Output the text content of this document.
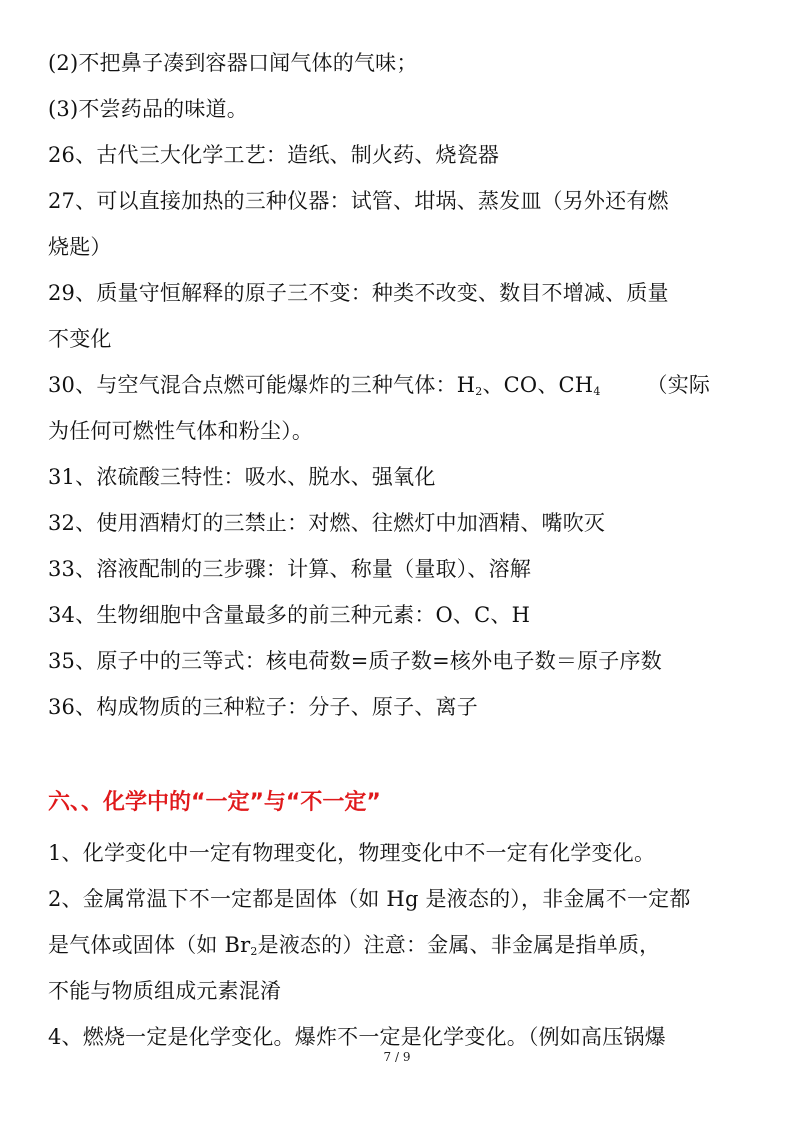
(2)不把鼻子凑到容器口闻气体的气味；
(3)不尝药品的味道。
26、古代三大化学工艺：造纸、制火药、烧瓷器
27、可以直接加热的三种仪器：试管、坩埚、蒸发皿（另外还有燃
烧匙）
29、质量守恒解释的原子三不变：种类不改变、数目不增减、质量
不变化
30、与空气混合点燃可能爆炸的三种气体：$H_2$、CO、$CH_4$ （实际
为任何可燃性气体和粉尘）。
31、浓硫酸三特性：吸水、脱水、强氧化
32、使用酒精灯的三禁止：对燃、往燃灯中加酒精、嘴吹灭
33、溶液配制的三步骤：计算、称量（量取）、溶解
34、生物细胞中含量最多的前三种元素：O、C、H
35、原子中的三等式：核电荷数=质子数=核外电子数＝原子序数
36、构成物质的三种粒子：分子、原子、离子
六、、化学中的“一定”与“不一定”
1、化学变化中一定有物理变化，物理变化中不一定有化学变化。
2、金属常温下不一定都是固体（如 Hg 是液态的），非金属不一定都
是气体或固体（如 $Br_2$是液态的）注意：金属、非金属是指单质，
不能与物质组成元素混淆
4、燃烧一定是化学变化。爆炸不一定是化学变化。（例如高压锅爆
7 / 9
